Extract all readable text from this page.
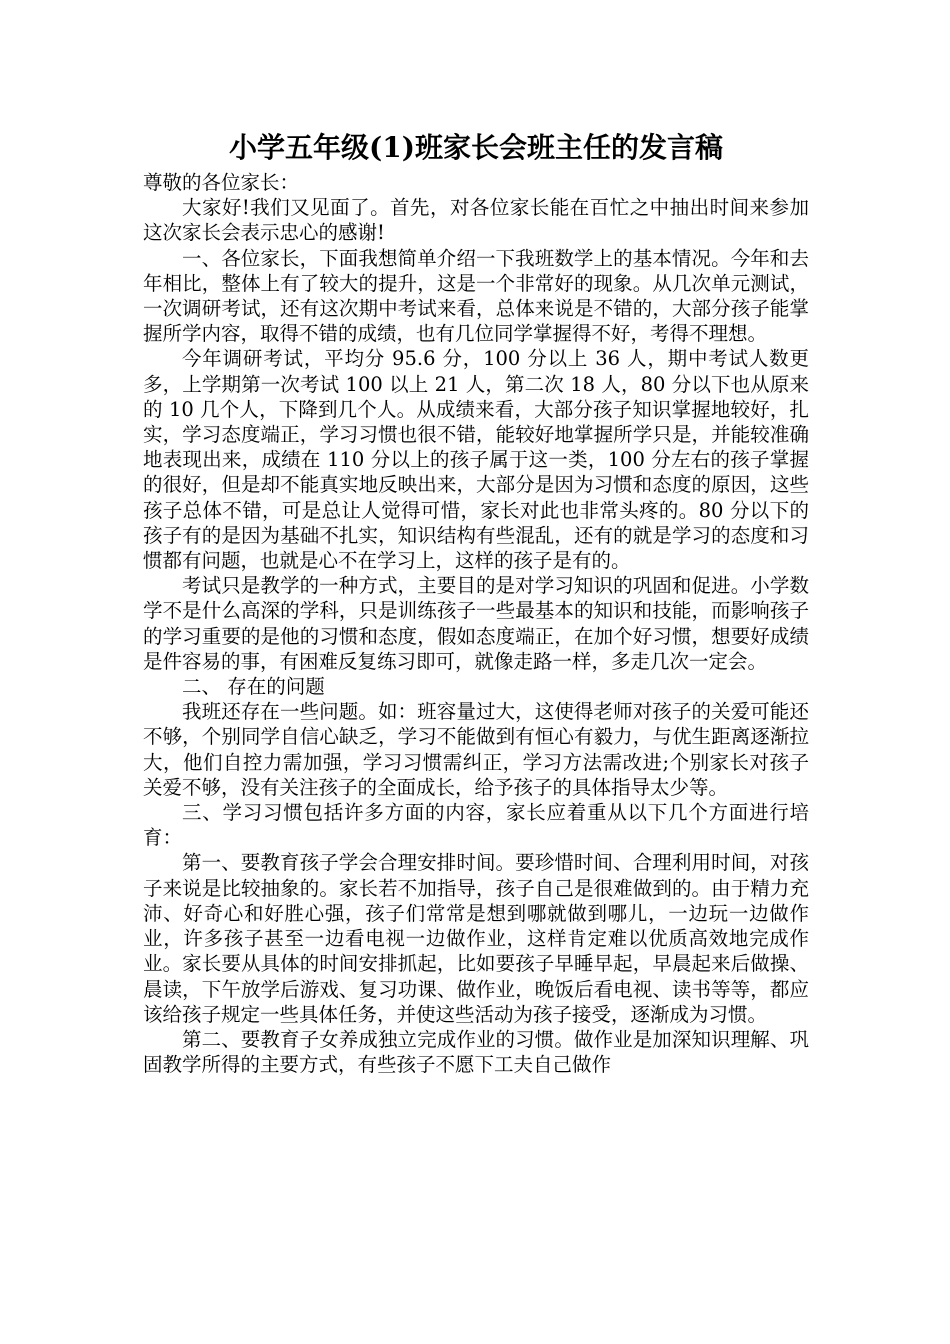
小学五年级(1)班家长会班主任的发言稿

尊敬的各位家长：

大家好!我们又见面了。首先，对各位家长能在百忙之中抽出时间来参加这次家长会表示忠心的感谢!

一、各位家长，下面我想简单介绍一下我班数学上的基本情况。今年和去年相比，整体上有了较大的提升，这是一个非常好的现象。从几次单元测试，一次调研考试，还有这次期中考试来看，总体来说是不错的，大部分孩子能掌握所学内容，取得不错的成绩，也有几位同学掌握得不好，考得不理想。

今年调研考试，平均分 95.6 分，100 分以上 36 人，期中考试人数更多，上学期第一次考试 100 以上 21 人，第二次 18 人，80 分以下也从原来的 10 几个人，下降到几个人。从成绩来看，大部分孩子知识掌握地较好，扎实，学习态度端正，学习习惯也很不错，能较好地掌握所学只是，并能较准确地表现出来，成绩在 110 分以上的孩子属于这一类，100 分左右的孩子掌握的很好，但是却不能真实地反映出来，大部分是因为习惯和态度的原因，这些孩子总体不错，可是总让人觉得可惜，家长对此也非常头疼的。80 分以下的孩子有的是因为基础不扎实，知识结构有些混乱，还有的就是学习的态度和习惯都有问题，也就是心不在学习上，这样的孩子是有的。

考试只是教学的一种方式，主要目的是对学习知识的巩固和促进。小学数学不是什么高深的学科，只是训练孩子一些最基本的知识和技能，而影响孩子的学习重要的是他的习惯和态度，假如态度端正，在加个好习惯，想要好成绩是件容易的事，有困难反复练习即可，就像走路一样，多走几次一定会。

二、 存在的问题

我班还存在一些问题。如：班容量过大，这使得老师对孩子的关爱可能还不够，个别同学自信心缺乏，学习不能做到有恒心有毅力，与优生距离逐渐拉大，他们自控力需加强，学习习惯需纠正，学习方法需改进;个别家长对孩子关爱不够，没有关注孩子的全面成长，给予孩子的具体指导太少等。

三、学习习惯包括许多方面的内容，家长应着重从以下几个方面进行培育：

第一、要教育孩子学会合理安排时间。要珍惜时间、合理利用时间，对孩子来说是比较抽象的。家长若不加指导，孩子自己是很难做到的。由于精力充沛、好奇心和好胜心强，孩子们常常是想到哪就做到哪儿，一边玩一边做作业，许多孩子甚至一边看电视一边做作业，这样肯定难以优质高效地完成作业。家长要从具体的时间安排抓起，比如要孩子早睡早起，早晨起来后做操、晨读，下午放学后游戏、复习功课、做作业，晚饭后看电视、读书等等，都应该给孩子规定一些具体任务，并使这些活动为孩子接受，逐渐成为习惯。

第二、要教育子女养成独立完成作业的习惯。做作业是加深知识理解、巩固教学所得的主要方式，有些孩子不愿下工夫自己做作
